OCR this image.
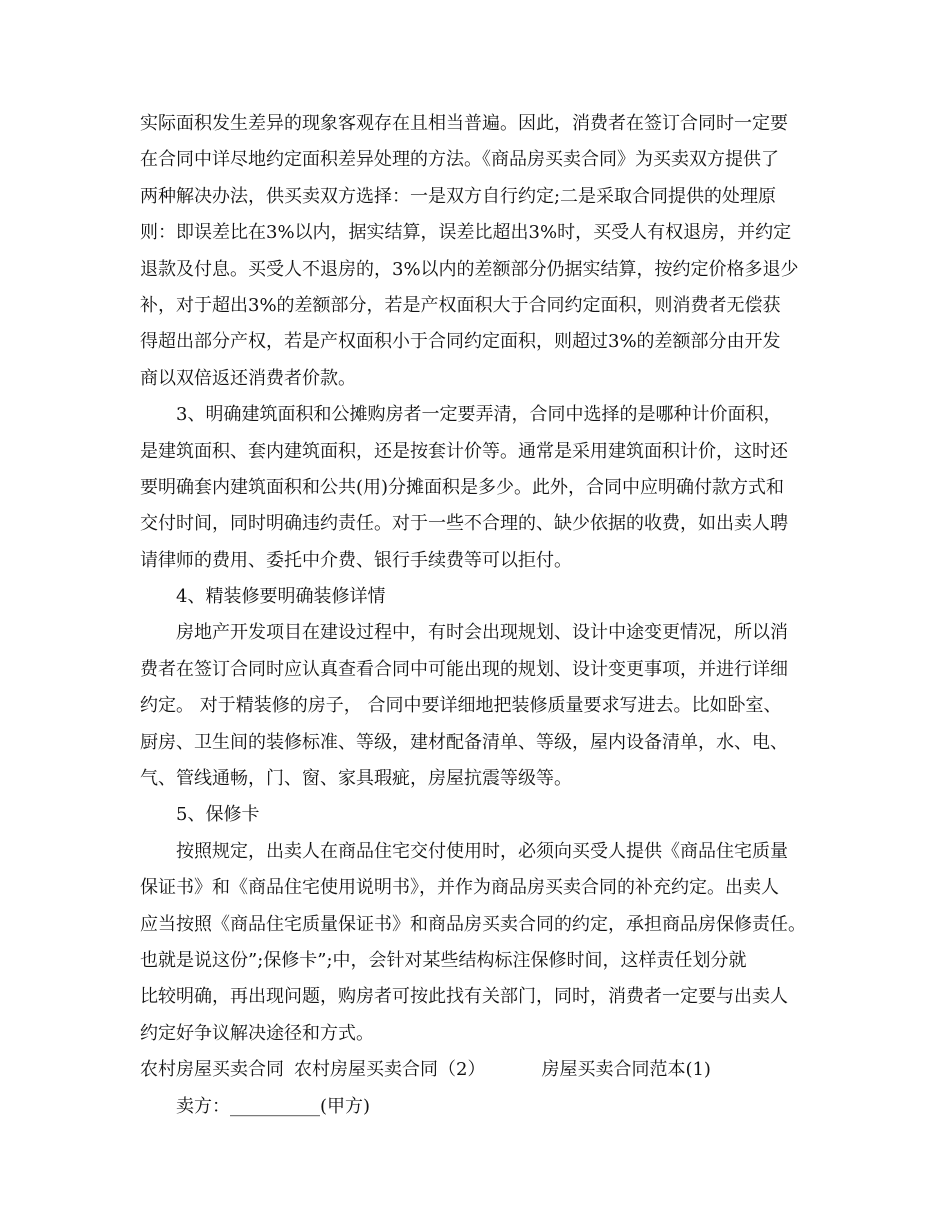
实际面积发生差异的现象客观存在且相当普遍。因此，消费者在签订合同时一定要
在合同中详尽地约定面积差异处理的方法。《商品房买卖合同》为买卖双方提供了
两种解决办法，供买卖双方选择：一是双方自行约定;二是采取合同提供的处理原
则：即误差比在3%以内，据实结算，误差比超出3%时，买受人有权退房，并约定
退款及付息。买受人不退房的，3%以内的差额部分仍据实结算，按约定价格多退少
补，对于超出3%的差额部分，若是产权面积大于合同约定面积，则消费者无偿获
得超出部分产权，若是产权面积小于合同约定面积，则超过3%的差额部分由开发
商以双倍返还消费者价款。
3、明确建筑面积和公摊购房者一定要弄清，合同中选择的是哪种计价面积，
是建筑面积、套内建筑面积，还是按套计价等。通常是采用建筑面积计价，这时还
要明确套内建筑面积和公共(用)分摊面积是多少。此外，合同中应明确付款方式和
交付时间，同时明确违约责任。对于一些不合理的、缺少依据的收费，如出卖人聘
请律师的费用、委托中介费、银行手续费等可以拒付。
4、精装修要明确装修详情
房地产开发项目在建设过程中，有时会出现规划、设计中途变更情况，所以消
费者在签订合同时应认真查看合同中可能出现的规划、设计变更事项，并进行详细
约定。 对于精装修的房子， 合同中要详细地把装修质量要求写进去。比如卧室、
厨房、卫生间的装修标准、等级，建材配备清单、等级，屋内设备清单，水、电、
气、管线通畅，门、窗、家具瑕疵，房屋抗震等级等。
5、保修卡
按照规定，出卖人在商品住宅交付使用时，必须向买受人提供《商品住宅质量
保证书》和《商品住宅使用说明书》，并作为商品房买卖合同的补充约定。出卖人
应当按照《商品住宅质量保证书》和商品房买卖合同的约定，承担商品房保修责任。
也就是说这份”;保修卡”;中，会针对某些结构标注保修时间，这样责任划分就
比较明确，再出现问题，购房者可按此找有关部门，同时，消费者一定要与出卖人
约定好争议解决途径和方式。
农村房屋买卖合同 农村房屋买卖合同（2）	房屋买卖合同范本(1)
卖方：__________(甲方)
